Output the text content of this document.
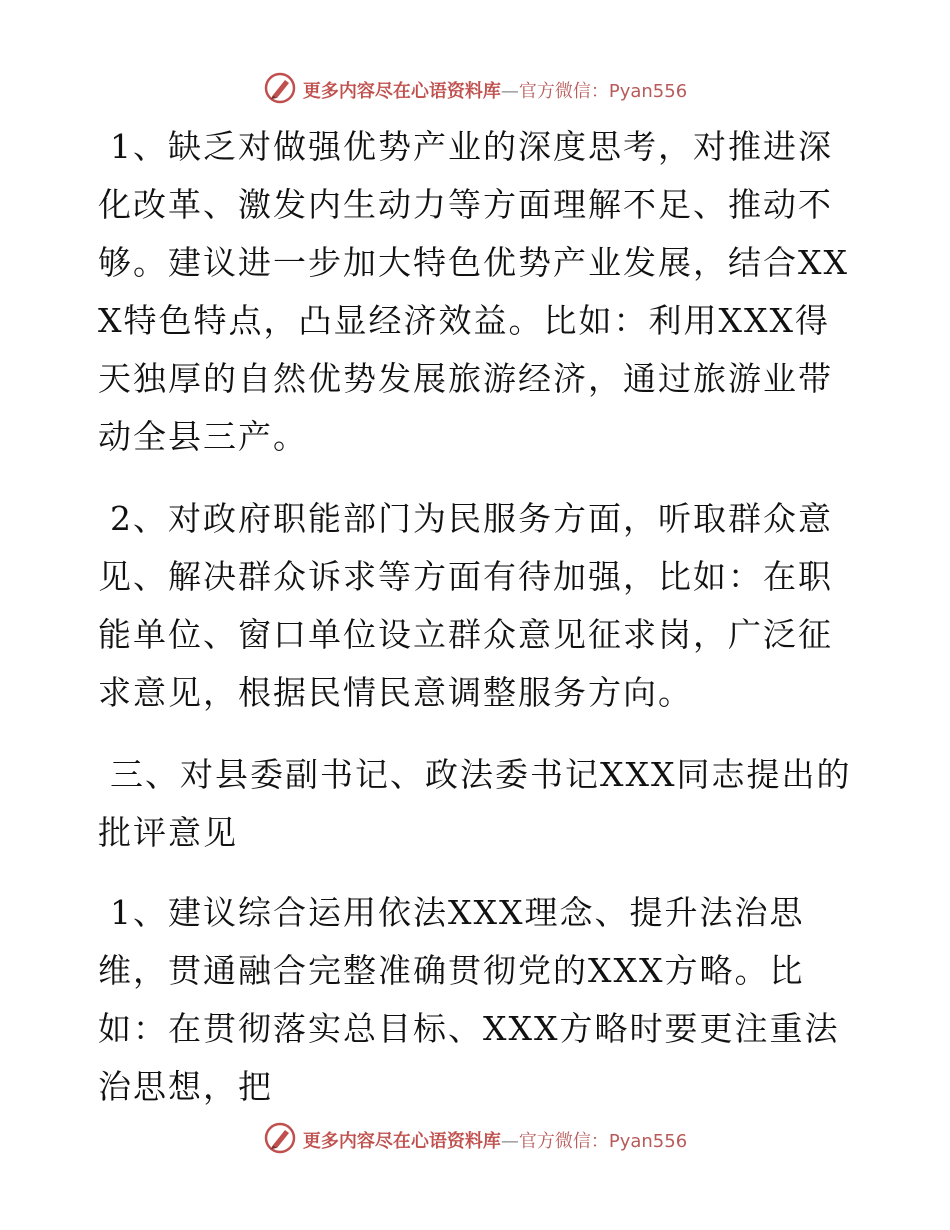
更多内容尽在心语资料库—官方微信：Pyan556

1、缺乏对做强优势产业的深度思考，对推进深化改革、激发内生动力等方面理解不足、推动不够。建议进一步加大特色优势产业发展，结合XXX特色特点，凸显经济效益。比如：利用XXX得天独厚的自然优势发展旅游经济，通过旅游业带动全县三产。

2、对政府职能部门为民服务方面，听取群众意见、解决群众诉求等方面有待加强，比如：在职能单位、窗口单位设立群众意见征求岗，广泛征求意见，根据民情民意调整服务方向。

三、对县委副书记、政法委书记XXX同志提出的批评意见

1、建议综合运用依法XXX理念、提升法治思维，贯通融合完整准确贯彻党的XXX方略。比如：在贯彻落实总目标、XXX方略时要更注重法治思想，把

更多内容尽在心语资料库—官方微信：Pyan556
